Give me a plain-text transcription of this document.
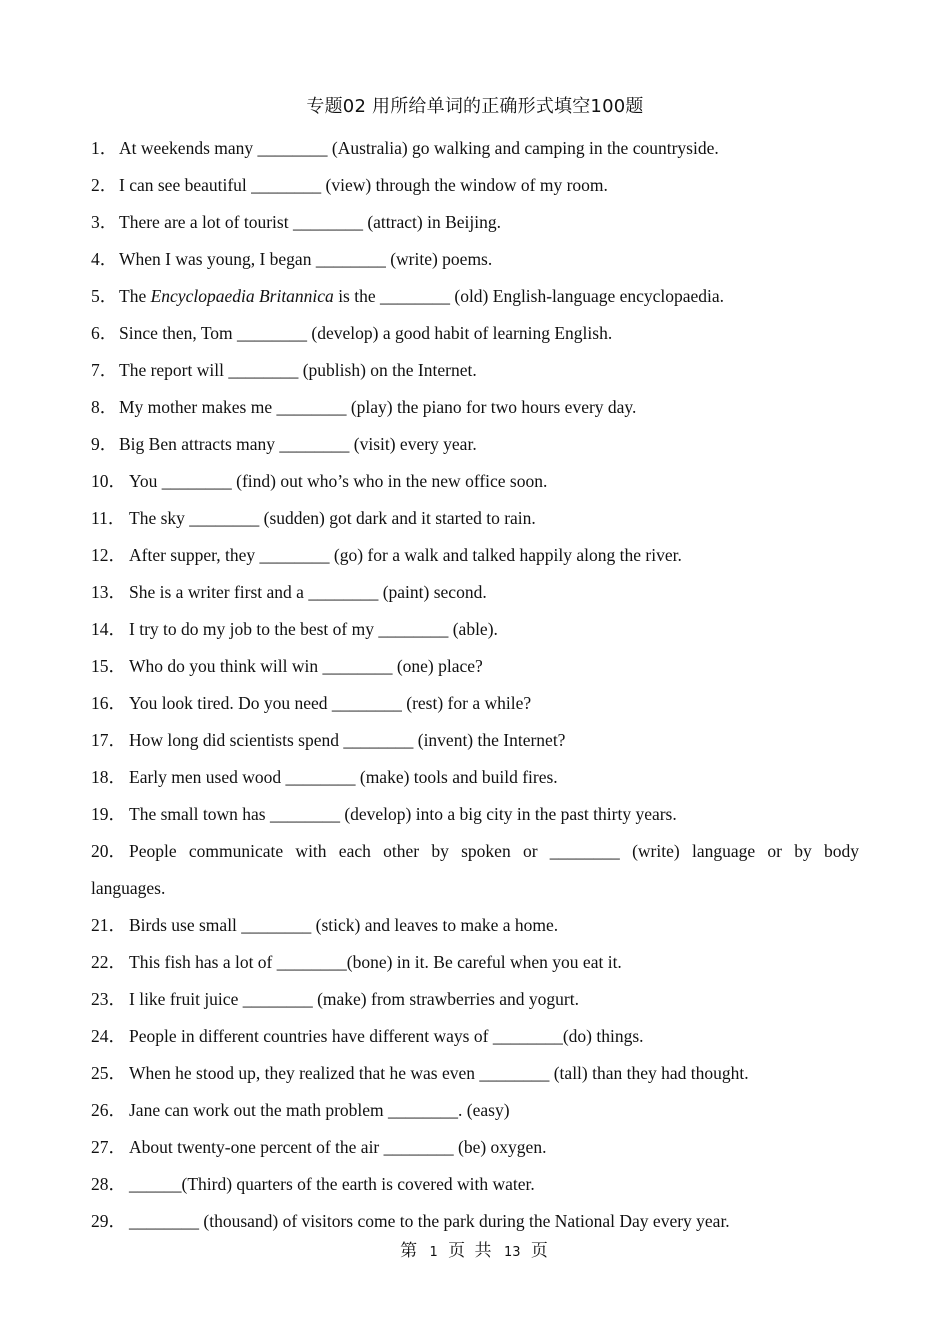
专题02 用所给单词的正确形式填空100题
1． At weekends many ________ (Australia) go walking and camping in the countryside.
2． I can see beautiful ________ (view) through the window of my room.
3． There are a lot of tourist ________ (attract) in Beijing.
4． When I was young, I began ________ (write) poems.
5． The Encyclopaedia Britannica is the ________ (old) English-language encyclopaedia.
6． Since then, Tom ________ (develop) a good habit of learning English.
7． The report will ________ (publish) on the Internet.
8． My mother makes me ________ (play) the piano for two hours every day.
9． Big Ben attracts many ________ (visit) every year.
10． You ________ (find) out who’s who in the new office soon.
11． The sky ________ (sudden) got dark and it started to rain.
12． After supper, they ________ (go) for a walk and talked happily along the river.
13． She is a writer first and a ________ (paint) second.
14． I try to do my job to the best of my ________ (able).
15． Who do you think will win ________ (one) place?
16． You look tired. Do you need ________ (rest) for a while?
17． How long did scientists spend ________ (invent) the Internet?
18． Early men used wood ________ (make) tools and build fires.
19． The small town has ________ (develop) into a big city in the past thirty years.
20． People communicate with each other by spoken or ________ (write) language or by body languages.
21． Birds use small ________ (stick) and leaves to make a home.
22． This fish has a lot of ________(bone) in it. Be careful when you eat it.
23． I like fruit juice ________ (make) from strawberries and yogurt.
24． People in different countries have different ways of ________(do) things.
25． When he stood up, they realized that he was even ________ (tall) than they had thought.
26． Jane can work out the math problem ________. (easy)
27． About twenty-one percent of the air ________ (be) oxygen.
28． ______(Third) quarters of the earth is covered with water.
29． ________ (thousand) of visitors come to the park during the National Day every year.
第 1 页 共 13 页
